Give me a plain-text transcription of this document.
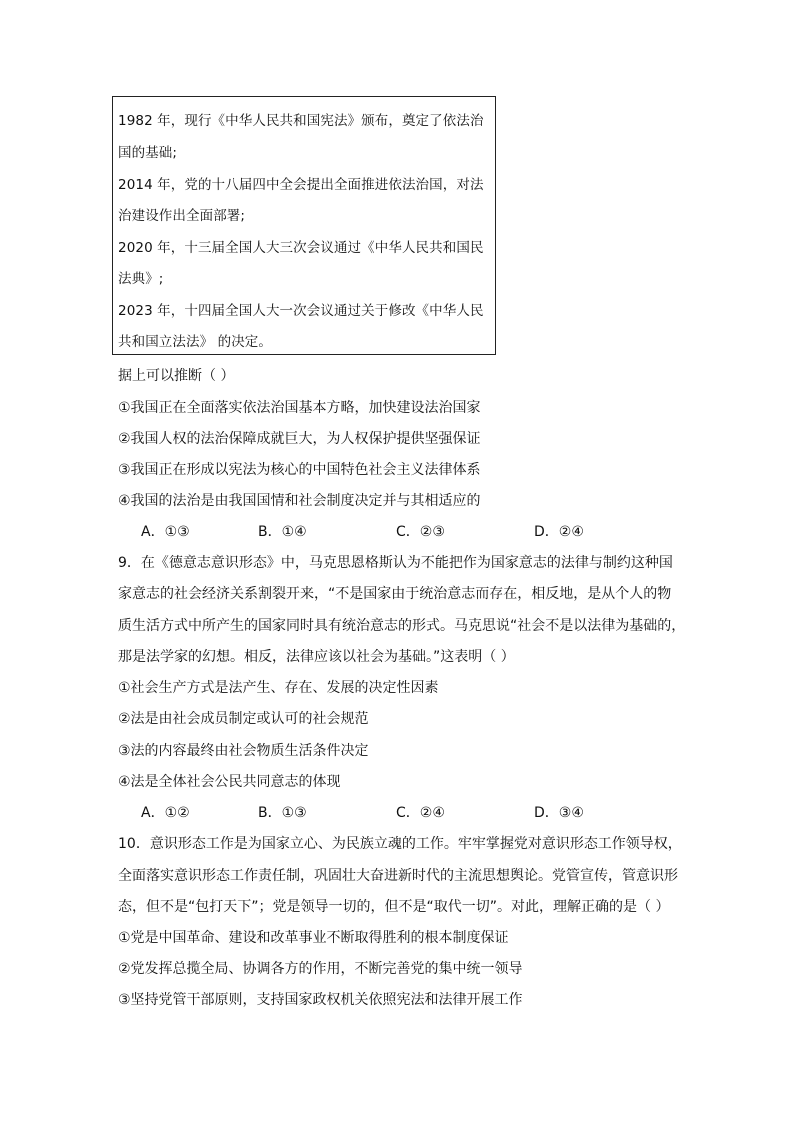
1982 年，现行《中华人民共和国宪法》颁布，奠定了依法治
国的基础;
2014 年，党的十八届四中全会提出全面推进依法治国，对法
治建设作出全面部署;
2020 年，十三届全国人大三次会议通过《中华人民共和国民
法典》;
2023 年，十四届全国人大一次会议通过关于修改《中华人民
共和国立法法》 的决定。
据上可以推断（ ）
①我国正在全面落实依法治国基本方略，加快建设法治国家
②我国人权的法治保障成就巨大，为人权保护提供坚强保证
③我国正在形成以宪法为核心的中国特色社会主义法律体系
④我国的法治是由我国国情和社会制度决定并与其相适应的
A．①③	B．①④	C．②③	D．②④
9．在《德意志意识形态》中，马克思恩格斯认为不能把作为国家意志的法律与制约这种国
家意志的社会经济关系割裂开来，“不是国家由于统治意志而存在，相反地，是从个人的物
质生活方式中所产生的国家同时具有统治意志的形式。马克思说“社会不是以法律为基础的，
那是法学家的幻想。相反，法律应该以社会为基础。”这表明（ ）
①社会生产方式是法产生、存在、发展的决定性因素
②法是由社会成员制定或认可的社会规范
③法的内容最终由社会物质生活条件决定
④法是全体社会公民共同意志的体现
A．①②	B．①③	C．②④	D．③④
10．意识形态工作是为国家立心、为民族立魂的工作。牢牢掌握党对意识形态工作领导权，
全面落实意识形态工作责任制，巩固壮大奋进新时代的主流思想舆论。党管宣传，管意识形
态，但不是“包打天下”；党是领导一切的，但不是“取代一切”。对此，理解正确的是（ ）
①党是中国革命、建设和改革事业不断取得胜利的根本制度保证
②党发挥总揽全局、协调各方的作用，不断完善党的集中统一领导
③坚持党管干部原则，支持国家政权机关依照宪法和法律开展工作
